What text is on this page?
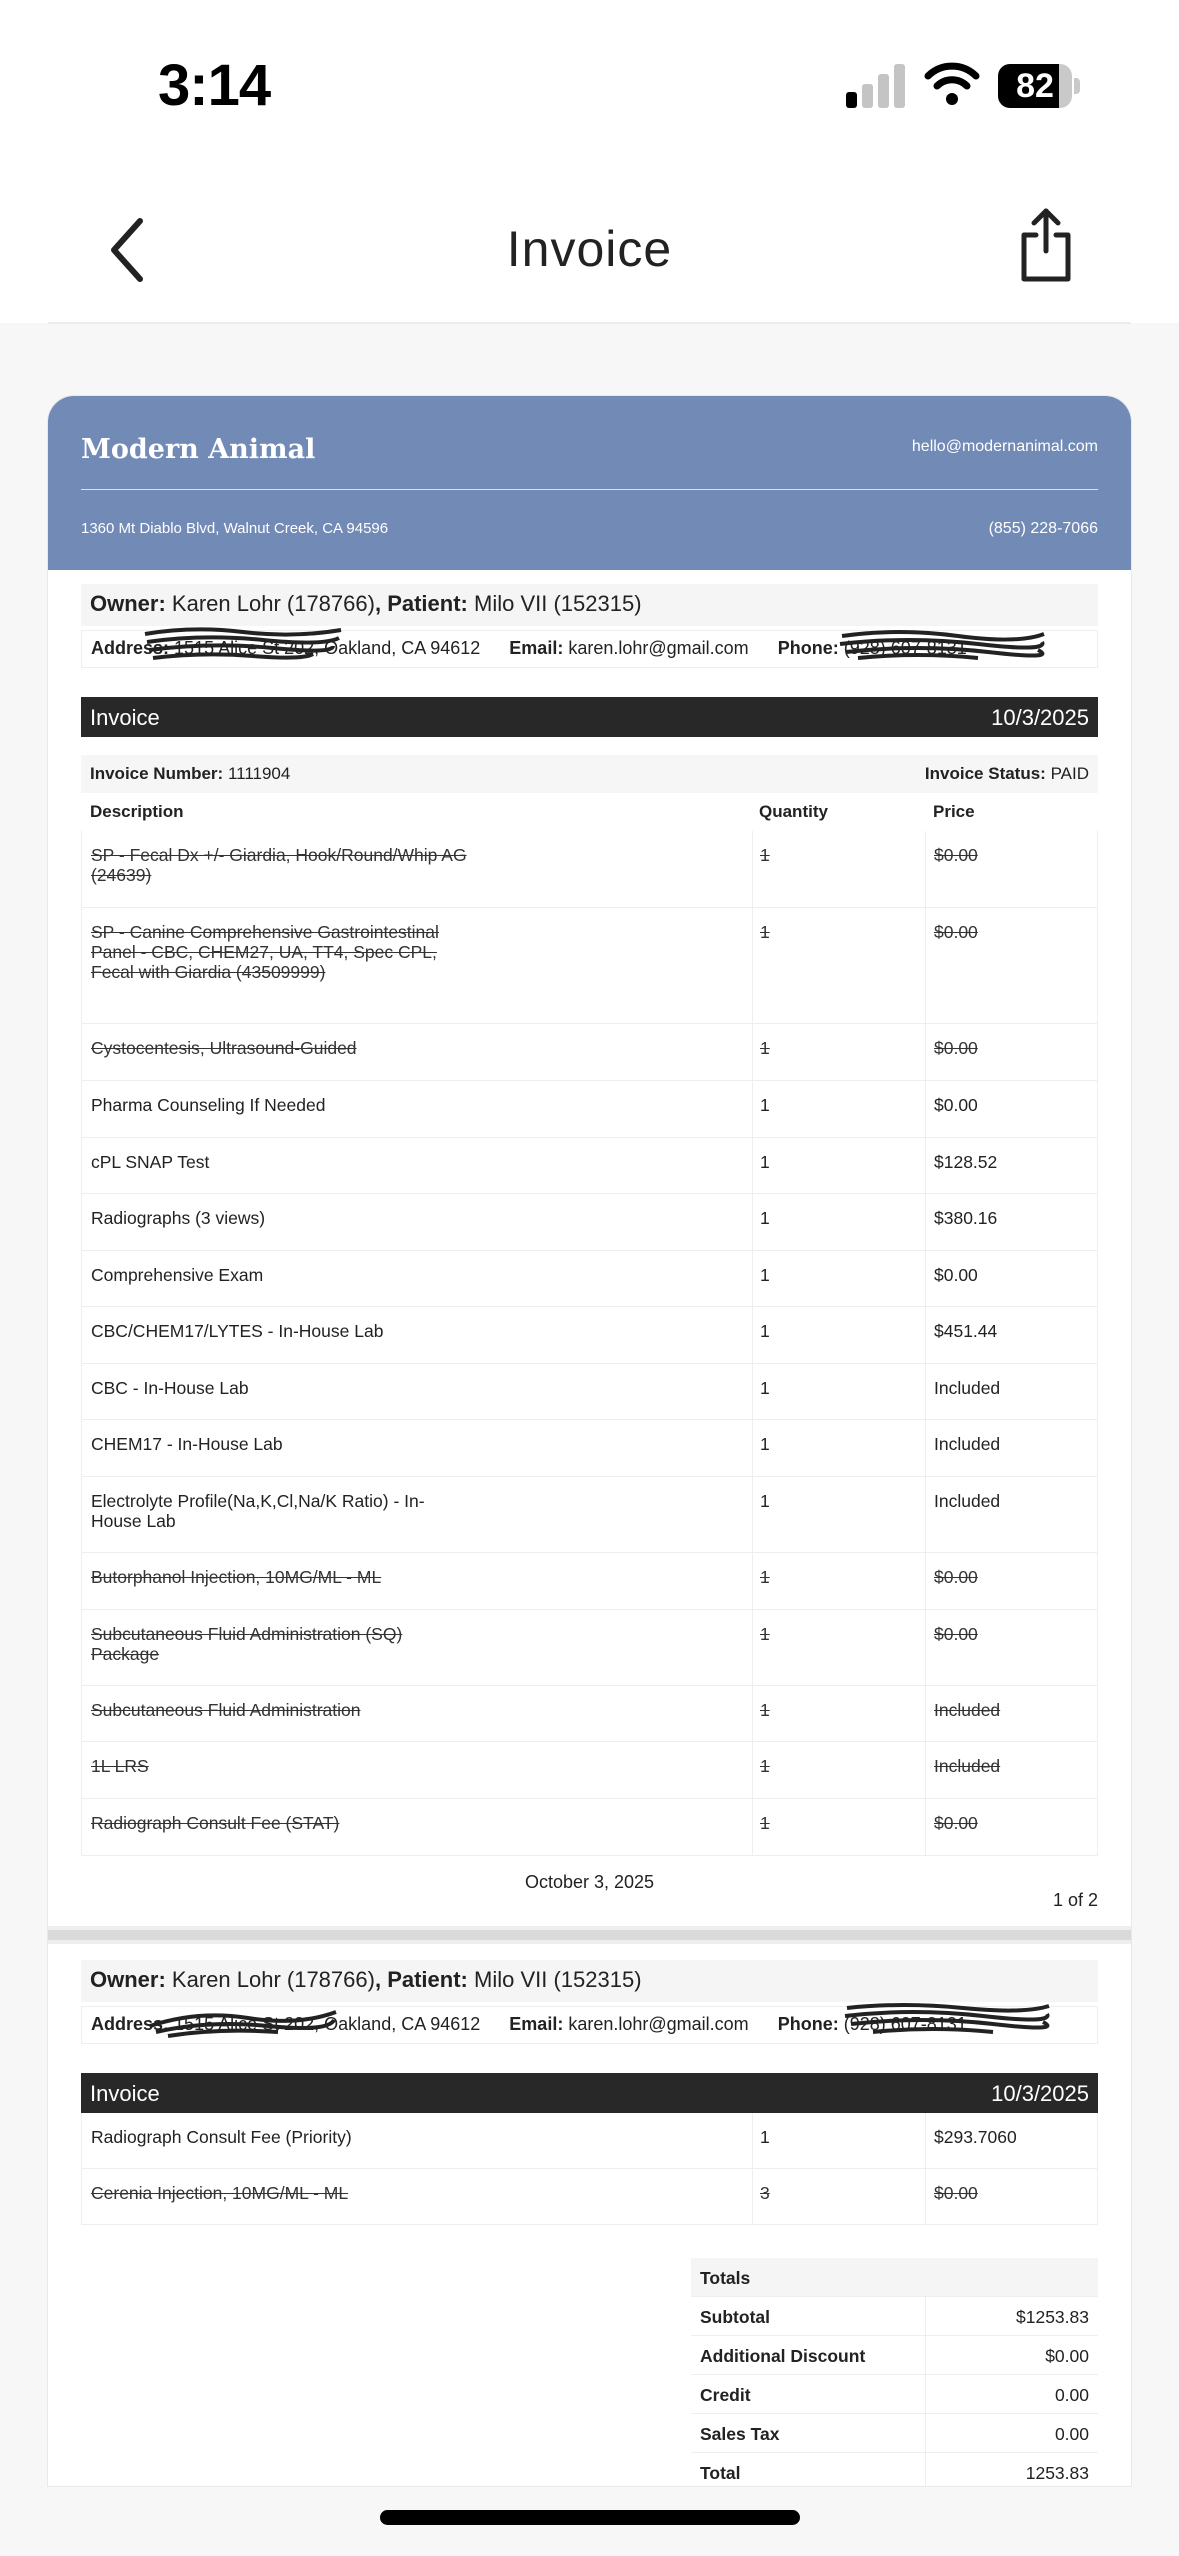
3:14	82
Invoice
Modern Animal	hello@modernanimal.com
1360 Mt Diablo Blvd, Walnut Creek, CA 94596	(855) 228-7066
Owner: Karen Lohr (178766), Patient: Milo VII (152315)
Address: 1515 Alice St 202, Oakland, CA 94612 Email: karen.lohr@gmail.com Phone: (928) 607-8131
Invoice	10/3/2025
Invoice Number: 1111904	Invoice Status: PAID
Description	Quantity	Price
SP - Fecal Dx +/- Giardia, Hook/Round/Whip AG (24639)
1	$0.00
SP - Canine Comprehensive Gastrointestinal Panel - CBC, CHEM27, UA, TT4, Spec CPL, Fecal with Giardia (43509999)
1	$0.00
Cystocentesis, Ultrasound-Guided	1	$0.00
Pharma Counseling If Needed	1	$0.00
cPL SNAP Test	1	$128.52
Radiographs (3 views)	1	$380.16
Comprehensive Exam	1	$0.00
CBC/CHEM17/LYTES - In-House Lab	1	$451.44
CBC - In-House Lab	1	Included
CHEM17 - In-House Lab	1	Included
Electrolyte Profile(Na,K,Cl,Na/K Ratio) - In-House Lab
1	Included
Butorphanol Injection, 10MG/ML - ML	1	$0.00
Subcutaneous Fluid Administration (SQ) Package
1	$0.00
Subcutaneous Fluid Administration	1	Included
1L LRS	1	Included
Radiograph Consult Fee (STAT)	1	$0.00
October 3, 2025
1 of 2
Owner: Karen Lohr (178766), Patient: Milo VII (152315)
Address: 1515 Alice St 202, Oakland, CA 94612 Email: karen.lohr@gmail.com Phone: (928) 607-8131
Invoice	10/3/2025
Radiograph Consult Fee (Priority)	1	$293.7060
Cerenia Injection, 10MG/ML - ML	3	$0.00
Totals
Subtotal	$1253.83
Additional Discount	$0.00
Credit	0.00
Sales Tax	0.00
Total	1253.83
